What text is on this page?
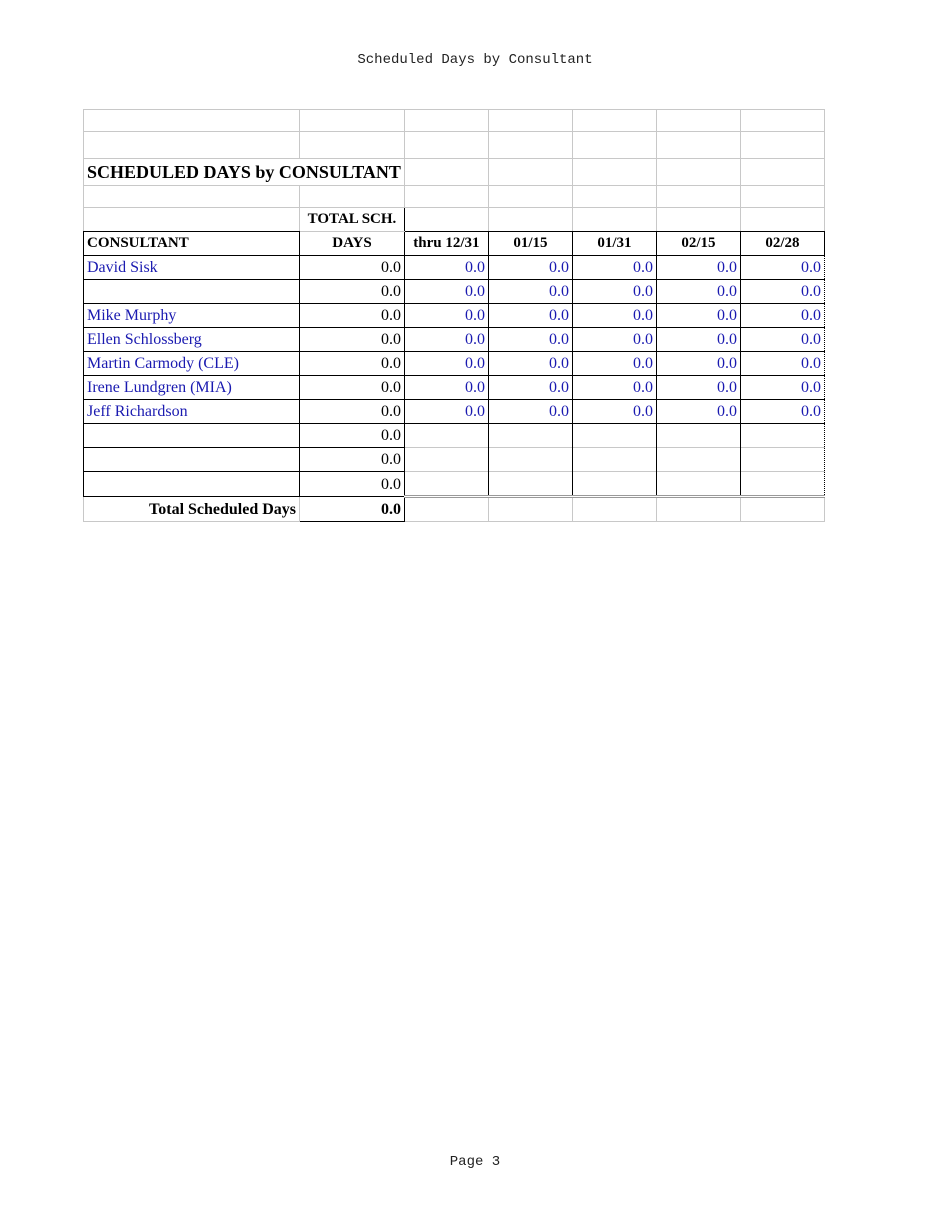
Scheduled Days by Consultant

SCHEDULED DAYS by CONSULTANT						

	TOTAL SCH.					
CONSULTANT	DAYS	thru 12/31	01/15	01/31	02/15	02/28
David Sisk	0.0	0.0	0.0	0.0	0.0	0.0
	0.0	0.0	0.0	0.0	0.0	0.0
Mike Murphy	0.0	0.0	0.0	0.0	0.0	0.0
Ellen Schlossberg	0.0	0.0	0.0	0.0	0.0	0.0
Martin Carmody (CLE)	0.0	0.0	0.0	0.0	0.0	0.0
Irene Lundgren (MIA)	0.0	0.0	0.0	0.0	0.0	0.0
Jeff Richardson	0.0	0.0	0.0	0.0	0.0	0.0
	0.0					
	0.0					
	0.0					
Total Scheduled Days	0.0					
Page 3
